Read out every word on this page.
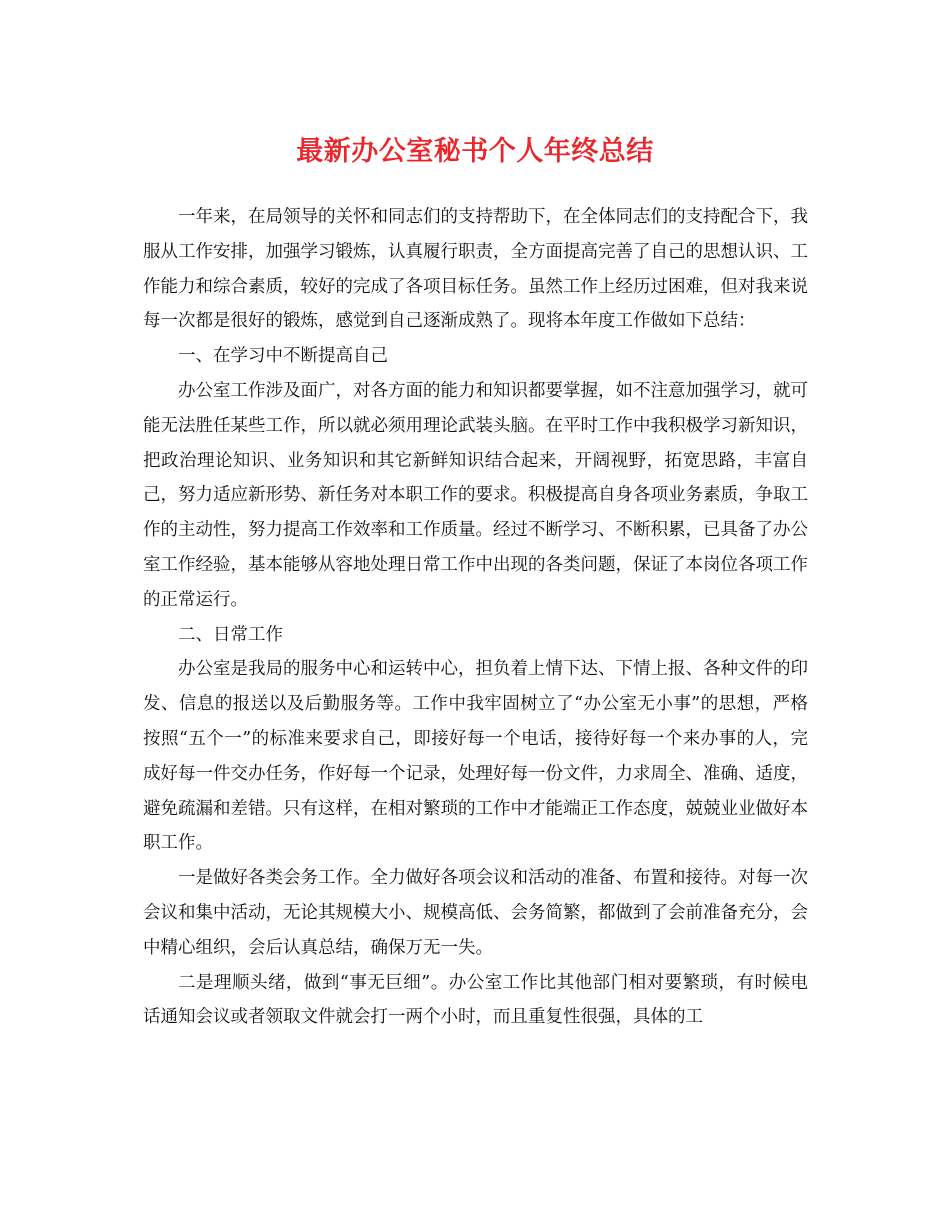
最新办公室秘书个人年终总结

一年来，在局领导的关怀和同志们的支持帮助下，在全体同志们的支持配合下，我服从工作安排，加强学习锻炼，认真履行职责，全方面提高完善了自己的思想认识、工作能力和综合素质，较好的完成了各项目标任务。虽然工作上经历过困难，但对我来说每一次都是很好的锻炼，感觉到自己逐渐成熟了。现将本年度工作做如下总结：

一、在学习中不断提高自己

办公室工作涉及面广，对各方面的能力和知识都要掌握，如不注意加强学习，就可能无法胜任某些工作，所以就必须用理论武装头脑。在平时工作中我积极学习新知识，把政治理论知识、业务知识和其它新鲜知识结合起来，开阔视野，拓宽思路，丰富自己，努力适应新形势、新任务对本职工作的要求。积极提高自身各项业务素质，争取工作的主动性，努力提高工作效率和工作质量。经过不断学习、不断积累，已具备了办公室工作经验，基本能够从容地处理日常工作中出现的各类问题，保证了本岗位各项工作的正常运行。

二、日常工作

办公室是我局的服务中心和运转中心，担负着上情下达、下情上报、各种文件的印发、信息的报送以及后勤服务等。工作中我牢固树立了“办公室无小事”的思想，严格按照“五个一”的标准来要求自己，即接好每一个电话，接待好每一个来办事的人，完成好每一件交办任务，作好每一个记录，处理好每一份文件，力求周全、准确、适度，避免疏漏和差错。只有这样，在相对繁琐的工作中才能端正工作态度，兢兢业业做好本职工作。

一是做好各类会务工作。全力做好各项会议和活动的准备、布置和接待。对每一次会议和集中活动，无论其规模大小、规模高低、会务简繁，都做到了会前准备充分，会中精心组织，会后认真总结，确保万无一失。

二是理顺头绪，做到“事无巨细”。办公室工作比其他部门相对要繁琐，有时候电话通知会议或者领取文件就会打一两个小时，而且重复性很强，具体的工
